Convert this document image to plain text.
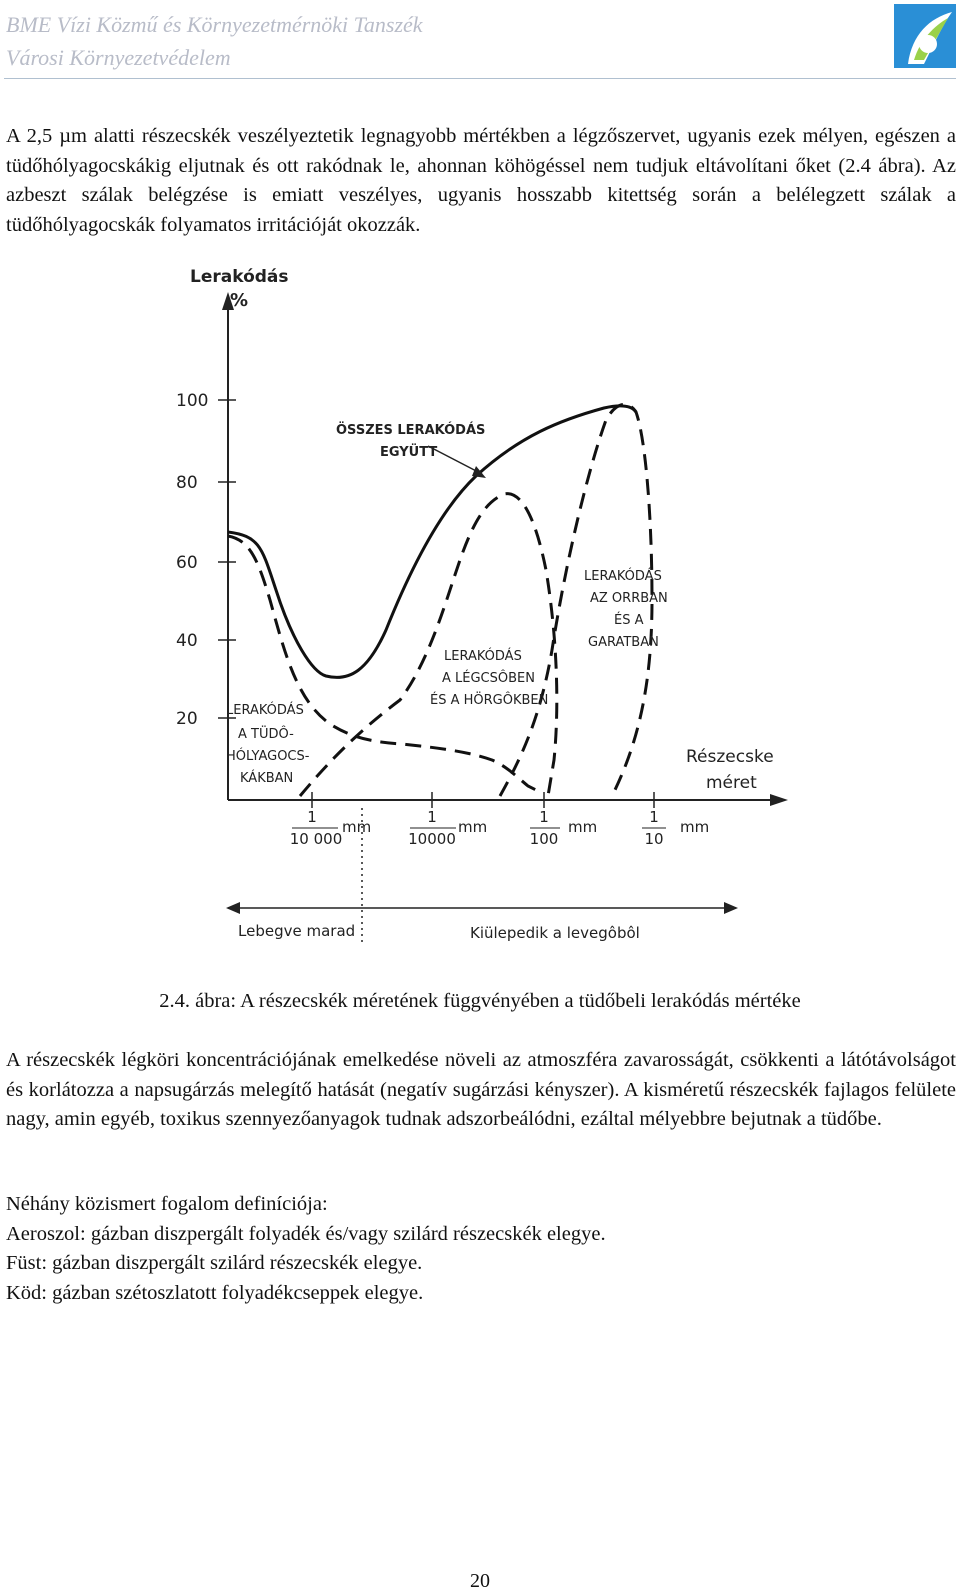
BME Vízi Közmű és Környezetmérnöki Tanszék
Városi Környezetvédelem
A 2,5 µm alatti részecskék veszélyeztetik legnagyobb mértékben a légzőszervet, ugyanis ezek mélyen, egészen a tüdőhólyagocskákig eljutnak és ott rakódnak le, ahonnan köhögéssel nem tudjuk eltávolítani őket (2.4 ábra). Az azbeszt szálak belégzése is emiatt veszélyes, ugyanis hosszabb kitettség során a belélegzett szálak a tüdőhólyagocskák folyamatos irritációját okozzák.
Lerakódás
%
100
80
60
40
20
Részecske
méret
1
10 000
mm
1
10000
mm
1
100
mm
1
10
mm
ÖSSZES LERAKÓDÁS
EGYÜTT
LERAKÓDÁS
AZ ORRBAN
ÉS A
GARATBAN
LERAKÓDÁS
A LÉGCSÔBEN
ÉS A HÖRGÔKBEN
LERAKÓDÁS
A TÜDÔ-
HÓLYAGOCS-
KÁKBAN
Lebegve marad	Kiülepedik a levegôbôl
2.4. ábra: A részecskék méretének függvényében a tüdőbeli lerakódás mértéke
A részecskék légköri koncentrációjának emelkedése növeli az atmoszféra zavarosságát, csökkenti a látótávolságot és korlátozza a napsugárzás melegítő hatását (negatív sugárzási kényszer). A kisméretű részecskék fajlagos felülete nagy, amin egyéb, toxikus szennyezőanyagok tudnak adszorbeálódni, ezáltal mélyebbre bejutnak a tüdőbe.
Néhány közismert fogalom definíciója:
Aeroszol: gázban diszpergált folyadék és/vagy szilárd részecskék elegye.
Füst: gázban diszpergált szilárd részecskék elegye.
Köd: gázban szétoszlatott folyadékcseppek elegye.
20
